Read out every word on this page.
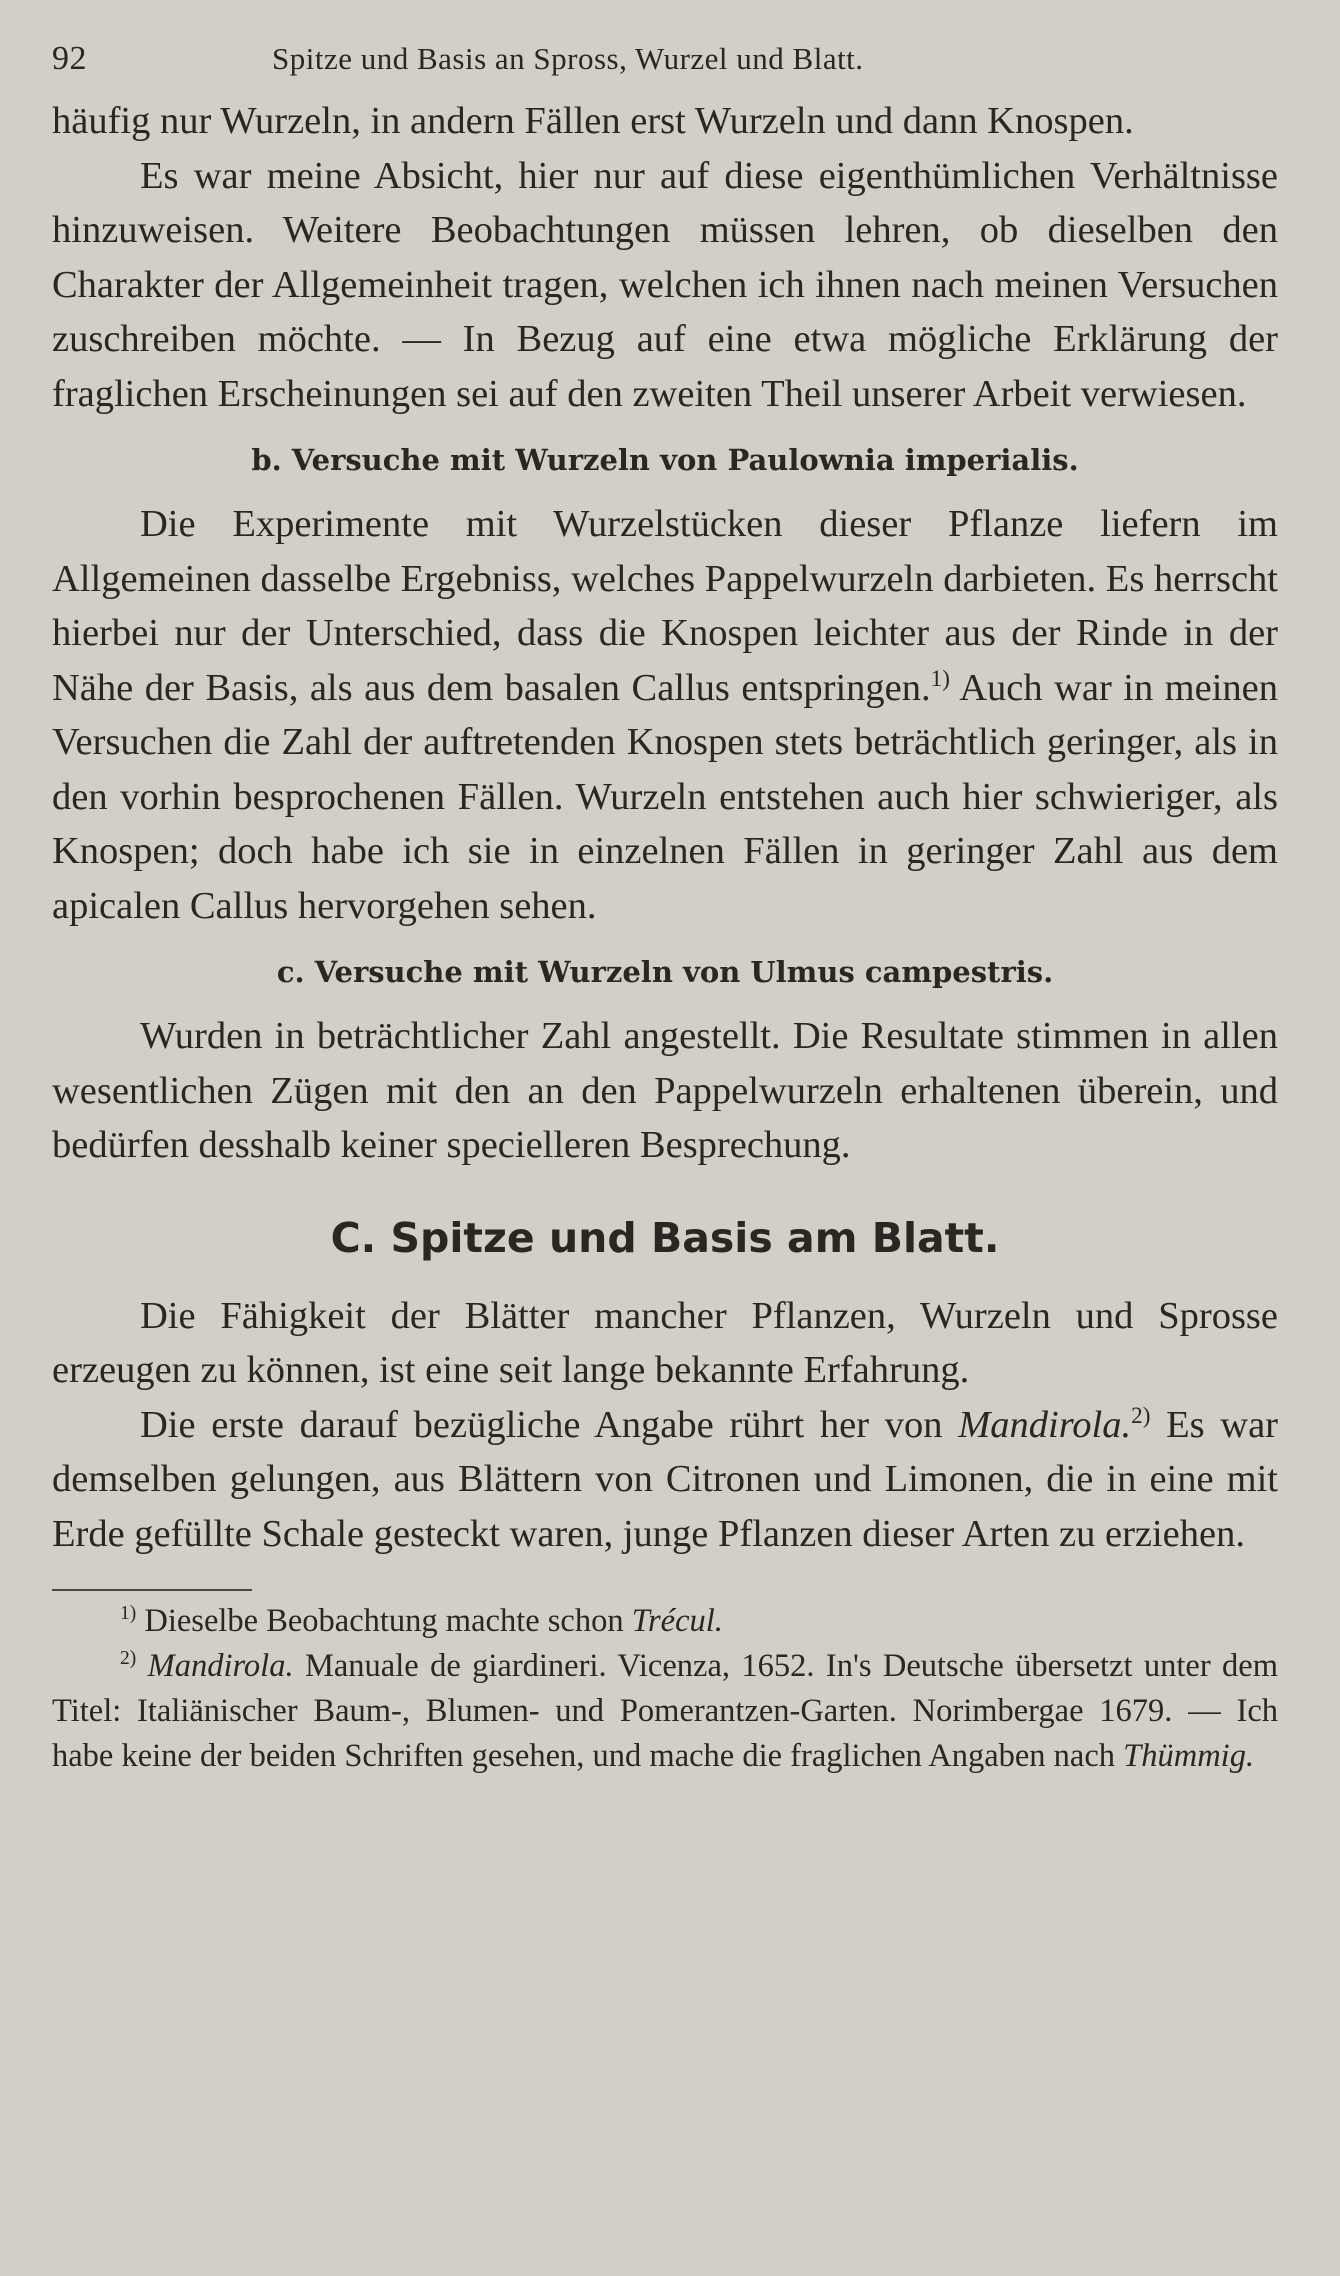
92	Spitze und Basis an Spross, Wurzel und Blatt.

häufig nur Wurzeln, in andern Fällen erst Wurzeln und dann Knospen.

Es war meine Absicht, hier nur auf diese eigenthümlichen Verhältnisse hinzuweisen. Weitere Beobachtungen müssen lehren, ob dieselben den Charakter der Allgemeinheit tragen, welchen ich ihnen nach meinen Versuchen zuschreiben möchte. — In Bezug auf eine etwa mögliche Erklärung der fraglichen Erscheinungen sei auf den zweiten Theil unserer Arbeit verwiesen.

b. Versuche mit Wurzeln von Paulownia imperialis.

Die Experimente mit Wurzelstücken dieser Pflanze liefern im Allgemeinen dasselbe Ergebniss, welches Pappelwurzeln darbieten. Es herrscht hierbei nur der Unterschied, dass die Knospen leichter aus der Rinde in der Nähe der Basis, als aus dem basalen Callus entspringen.$^{1)}$ Auch war in meinen Versuchen die Zahl der auftretenden Knospen stets beträchtlich geringer, als in den vorhin besprochenen Fällen. Wurzeln entstehen auch hier schwieriger, als Knospen; doch habe ich sie in einzelnen Fällen in geringer Zahl aus dem apicalen Callus hervorgehen sehen.

c. Versuche mit Wurzeln von Ulmus campestris.

Wurden in beträchtlicher Zahl angestellt. Die Resultate stimmen in allen wesentlichen Zügen mit den an den Pappelwurzeln erhaltenen überein, und bedürfen desshalb keiner specielleren Besprechung.

C. Spitze und Basis am Blatt.

Die Fähigkeit der Blätter mancher Pflanzen, Wurzeln und Sprosse erzeugen zu können, ist eine seit lange bekannte Erfahrung.

Die erste darauf bezügliche Angabe rührt her von Mandirola.$^{2)}$ Es war demselben gelungen, aus Blättern von Citronen und Limonen, die in eine mit Erde gefüllte Schale gesteckt waren, junge Pflanzen dieser Arten zu erziehen.

$^{1)}$ Dieselbe Beobachtung machte schon Trécul.

$^{2)}$ Mandirola. Manuale de giardineri. Vicenza, 1652. In's Deutsche übersetzt unter dem Titel: Italiänischer Baum-, Blumen- und Pomerantzen-Garten. Norimbergae 1679. — Ich habe keine der beiden Schriften gesehen, und mache die fraglichen Angaben nach Thümmig.
